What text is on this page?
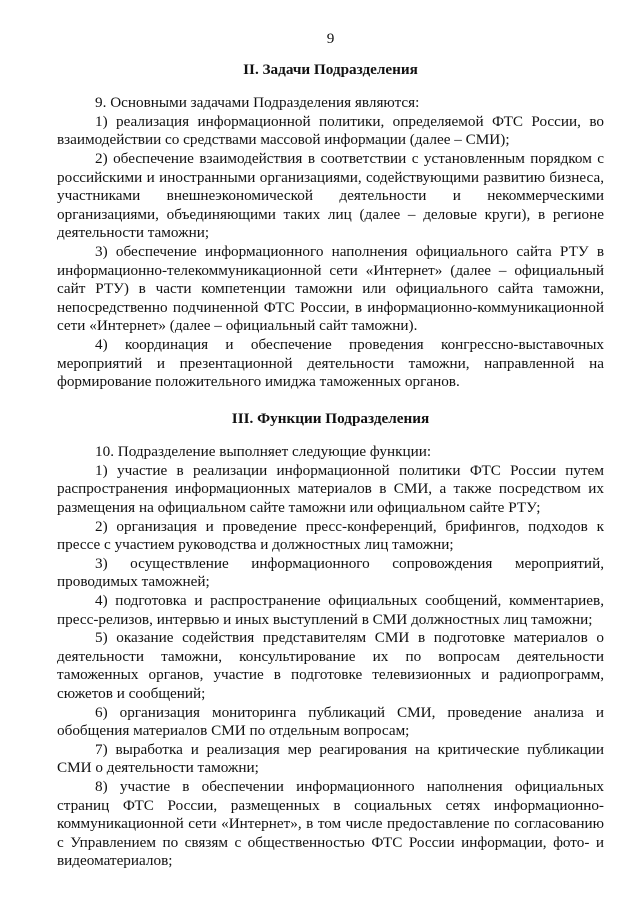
9
II. Задачи Подразделения

9. Основными задачами Подразделения являются:

1) реализация информационной политики, определяемой ФТС России, во взаимодействии со средствами массовой информации (далее – СМИ);

2) обеспечение взаимодействия в соответствии с установленным порядком с российскими и иностранными организациями, содействующими развитию бизнеса, участниками внешнеэкономической деятельности и некоммерческими организациями, объединяющими таких лиц (далее – деловые круги), в регионе деятельности таможни;

3) обеспечение информационного наполнения официального сайта РТУ в информационно-телекоммуникационной сети «Интернет» (далее – официальный сайт РТУ) в части компетенции таможни или официального сайта таможни, непосредственно подчиненной ФТС России, в информационно-коммуникационной сети «Интернет» (далее – официальный сайт таможни).

4) координация и обеспечение проведения конгрессно-выставочных мероприятий и презентационной деятельности таможни, направленной на формирование положительного имиджа таможенных органов.

III. Функции Подразделения

10. Подразделение выполняет следующие функции:

1) участие в реализации информационной политики ФТС России путем распространения информационных материалов в СМИ, а также посредством их размещения на официальном сайте таможни или официальном сайте РТУ;

2) организация и проведение пресс-конференций, брифингов, подходов к прессе с участием руководства и должностных лиц таможни;

3) осуществление информационного сопровождения мероприятий, проводимых таможней;

4) подготовка и распространение официальных сообщений, комментариев, пресс-релизов, интервью и иных выступлений в СМИ должностных лиц таможни;

5) оказание содействия представителям СМИ в подготовке материалов о деятельности таможни, консультирование их по вопросам деятельности таможенных органов, участие в подготовке телевизионных и радиопрограмм, сюжетов и сообщений;

6) организация мониторинга публикаций СМИ, проведение анализа и обобщения материалов СМИ по отдельным вопросам;

7) выработка и реализация мер реагирования на критические публикации СМИ о деятельности таможни;

8) участие в обеспечении информационного наполнения официальных страниц ФТС России, размещенных в социальных сетях информационно-коммуникационной сети «Интернет», в том числе предоставление по согласованию с Управлением по связям с общественностью ФТС России информации, фото- и видеоматериалов;
